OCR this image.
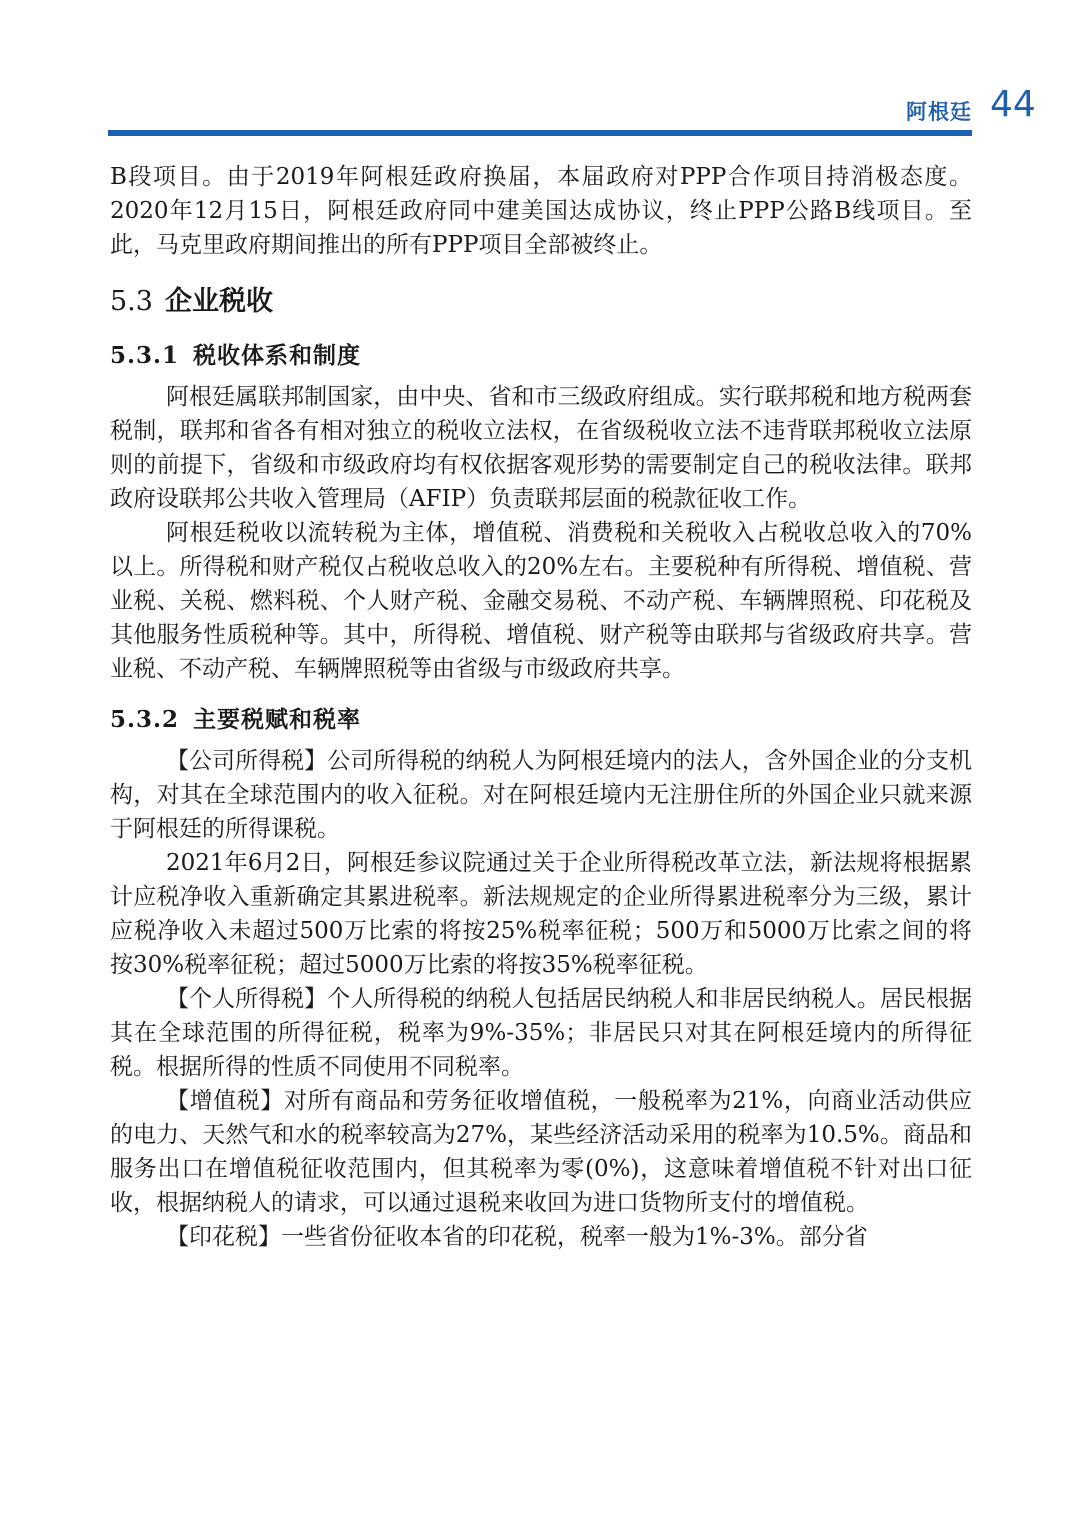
阿根廷 44

B段项目。由于2019年阿根廷政府换届，本届政府对PPP合作项目持消极态度。2020年12月15日，阿根廷政府同中建美国达成协议，终止PPP公路B线项目。至此，马克里政府期间推出的所有PPP项目全部被终止。

5.3 企业税收
5.3.1 税收体系和制度

阿根廷属联邦制国家，由中央、省和市三级政府组成。实行联邦税和地方税两套税制，联邦和省各有相对独立的税收立法权，在省级税收立法不违背联邦税收立法原则的前提下，省级和市级政府均有权依据客观形势的需要制定自己的税收法律。联邦政府设联邦公共收入管理局（AFIP）负责联邦层面的税款征收工作。

阿根廷税收以流转税为主体，增值税、消费税和关税收入占税收总收入的70%以上。所得税和财产税仅占税收总收入的20%左右。主要税种有所得税、增值税、营业税、关税、燃料税、个人财产税、金融交易税、不动产税、车辆牌照税、印花税及其他服务性质税种等。其中，所得税、增值税、财产税等由联邦与省级政府共享。营业税、不动产税、车辆牌照税等由省级与市级政府共享。

5.3.2 主要税赋和税率

【公司所得税】公司所得税的纳税人为阿根廷境内的法人，含外国企业的分支机构，对其在全球范围内的收入征税。对在阿根廷境内无注册住所的外国企业只就来源于阿根廷的所得课税。

2021年6月2日，阿根廷参议院通过关于企业所得税改革立法，新法规将根据累计应税净收入重新确定其累进税率。新法规规定的企业所得累进税率分为三级，累计应税净收入未超过500万比索的将按25%税率征税；500万和5000万比索之间的将按30%税率征税；超过5000万比索的将按35%税率征税。

【个人所得税】个人所得税的纳税人包括居民纳税人和非居民纳税人。居民根据其在全球范围的所得征税，税率为9%-35%；非居民只对其在阿根廷境内的所得征税。根据所得的性质不同使用不同税率。

【增值税】对所有商品和劳务征收增值税，一般税率为21%，向商业活动供应的电力、天然气和水的税率较高为27%，某些经济活动采用的税率为10.5%。商品和服务出口在增值税征收范围内，但其税率为零(0%)，这意味着增值税不针对出口征收，根据纳税人的请求，可以通过退税来收回为进口货物所支付的增值税。

【印花税】一些省份征收本省的印花税，税率一般为1%-3%。部分省
